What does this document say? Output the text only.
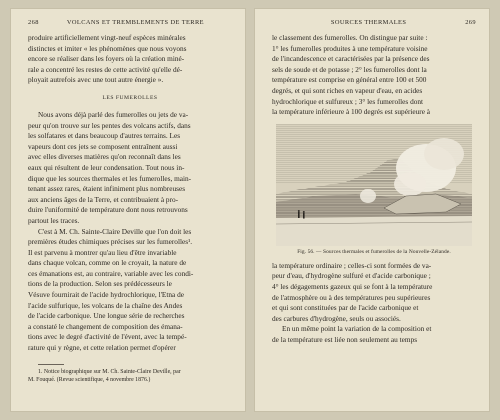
268	VOLCANS ET TREMBLEMENTS DE TERRE

produire artificiellement vingt-neuf espèces minérales
distinctes et imiter « les phénomènes que nous voyons
encore se réaliser dans les foyers où la création miné-
rale a concentré les restes de cette activité qu'elle dé-
ployait autrefois avec une tout autre énergie ».

LES FUMEROLLES

Nous avons déjà parlé des fumerolles ou jets de va-
peur qu'on trouve sur les pentes des volcans actifs, dans
les solfatares et dans beaucoup d'autres terrains. Les
vapeurs dont ces jets se composent entraînent aussi
avec elles diverses matières qu'on reconnaît dans les
eaux qui résultent de leur condensation. Tout nous in-
dique que les sources thermales et les fumerolles, main-
tenant assez rares, étaient infiniment plus nombreuses
aux anciens âges de la Terre, et contribuaient à pro-
duire l'uniformité de température dont nous retrouvons
partout les traces.

C'est à M. Ch. Sainte-Claire Deville que l'on doit les
premières études chimiques précises sur les fumerolles¹.
Il est parvenu à montrer qu'au lieu d'être invariable
dans chaque volcan, comme on le croyait, la nature de
ces émanations est, au contraire, variable avec les condi-
tions de la production. Selon ses prédécesseurs le
Vésuve fournirait de l'acide hydrochlorique, l'Etna de
l'acide sulfurique, les volcans de la chaîne des Andes
de l'acide carbonique. Une longue série de recherches
a constaté le changement de composition des émana-
tions avec le degré d'activité de l'évent, avec la tempé-
rature qui y règne, et cette relation permet d'opérer

1. Notice biographique sur M. Ch. Sainte-Claire Deville, par
M. Fouqué. (Revue scientifique, 4 novembre 1876.)

SOURCES THERMALES	269

le classement des fumerolles. On distingue par suite :
1° les fumerolles produites à une température voisine
de l'incandescence et caractérisées par la présence des
sels de soude et de potasse ; 2° les fumerolles dont la
température est comprise en général entre 100 et 500
degrés, et qui sont riches en vapeur d'eau, en acides
hydrochlorique et sulfureux ; 3° les fumerolles dont
la température inférieure à 100 degrés est supérieure à

Fig. 56. — Sources thermales et fumerolles de la Nouvelle-Zélande.

la température ordinaire ; celles-ci sont formées de va-
peur d'eau, d'hydrogène sulfuré et d'acide carbonique ;
4° les dégagements gazeux qui se font à la température
de l'atmosphère ou à des températures peu supérieures
et qui sont constituées par de l'acide carbonique et
des carbures d'hydrogène, seuls ou associés.

En un même point la variation de la composition et
de la température est liée non seulement au temps
